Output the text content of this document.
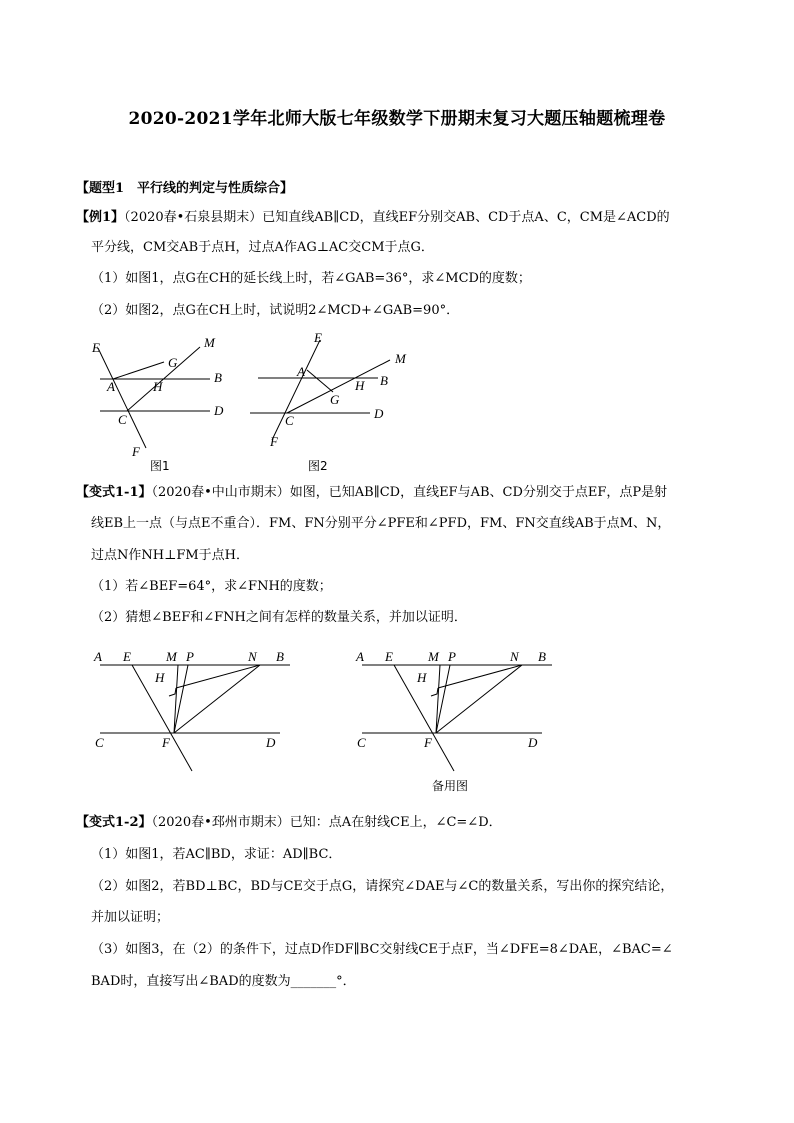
2020-2021学年北师大版七年级数学下册期末复习大题压轴题梳理卷
【题型1　平行线的判定与性质综合】
【例1】（2020春•石泉县期末）已知直线AB∥CD，直线EF分别交AB、CD于点A、C，CM是∠ACD的
平分线，CM交AB于点H，过点A作AG⊥AC交CM于点G．
（1）如图1，点G在CH的延长线上时，若∠GAB=36°，求∠MCD的度数；
（2）如图2，点G在CH上时，试说明2∠MCD+∠GAB=90°．
E	M
G
A	H
B
C
D
F
图1
E
M
A
H B
G
C	D
F
图2
【变式1-1】（2020春•中山市期末）如图，已知AB∥CD，直线EF与AB、CD分别交于点EF，点P是射
线EB上一点（与点E不重合）．FM、FN分别平分∠PFE和∠PFD，FM、FN交直线AB于点M、N，
过点N作NH⊥FM于点H．
（1）若∠BEF=64°，求∠FNH的度数；
（2）猜想∠BEF和∠FNH之间有怎样的数量关系，并加以证明．
A E	M P	N B
H
C	F	D
A E	M P	N B
H
C	F	D
备用图
【变式1-2】（2020春•邳州市期末）已知：点A在射线CE上，∠C=∠D．
（1）如图1，若AC∥BD，求证：AD∥BC．
（2）如图2，若BD⊥BC，BD与CE交于点G，请探究∠DAE与∠C的数量关系，写出你的探究结论，
并加以证明；
（3）如图3，在（2）的条件下，过点D作DF∥BC交射线CE于点F，当∠DFE=8∠DAE，∠BAC=∠
BAD时，直接写出∠BAD的度数为_______°．
